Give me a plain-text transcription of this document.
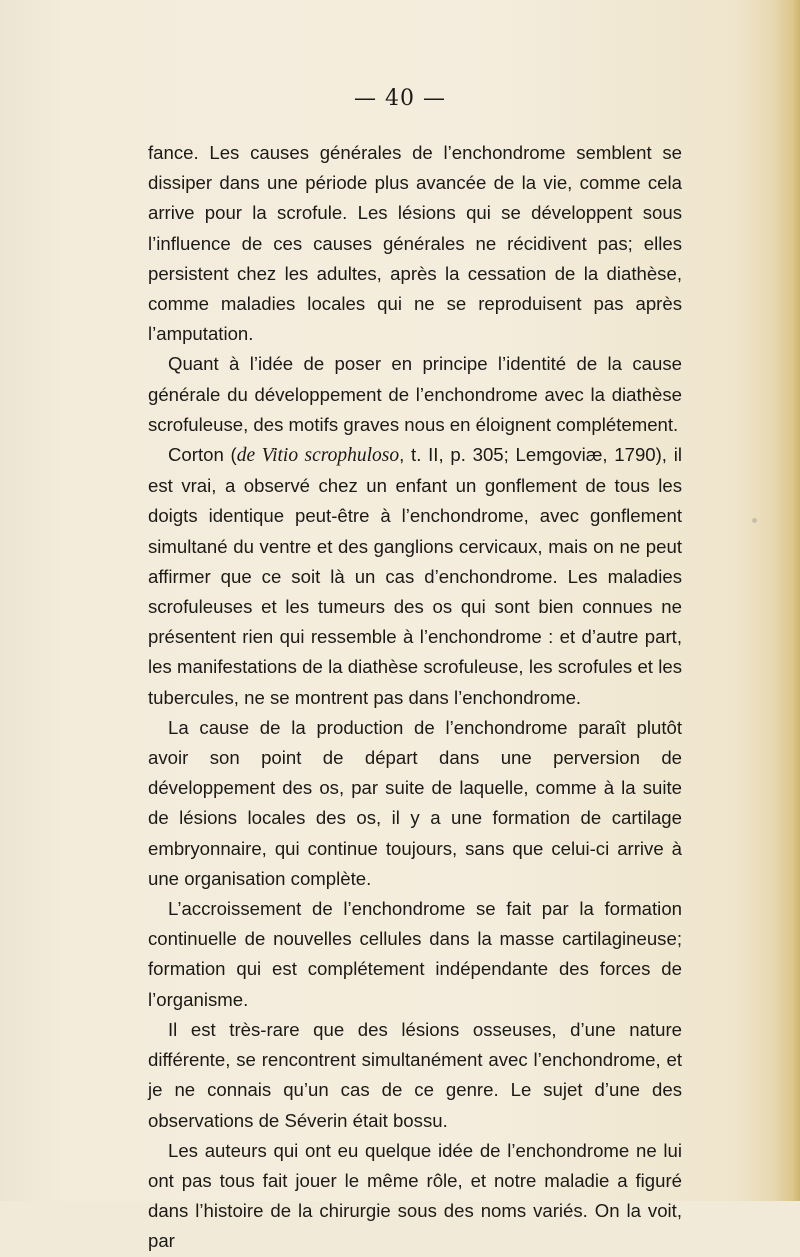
— 40 —

fance. Les causes générales de l’enchondrome semblent se dissiper dans une période plus avancée de la vie, comme cela arrive pour la scrofule. Les lésions qui se développent sous l’influence de ces causes générales ne récidivent pas; elles persistent chez les adultes, après la cessation de la diathèse, comme maladies locales qui ne se reproduisent pas après l’amputation.

Quant à l’idée de poser en principe l’identité de la cause générale du développement de l’enchondrome avec la diathèse scrofuleuse, des motifs graves nous en éloignent complétement.

Corton (de Vitio scrophuloso, t. II, p. 305; Lemgoviæ, 1790), il est vrai, a observé chez un enfant un gonflement de tous les doigts identique peut-être à l’enchondrome, avec gonflement simultané du ventre et des ganglions cervicaux, mais on ne peut affirmer que ce soit là un cas d’enchondrome. Les maladies scrofuleuses et les tumeurs des os qui sont bien connues ne présentent rien qui ressemble à l’enchondrome : et d’autre part, les manifestations de la diathèse scrofuleuse, les scrofules et les tubercules, ne se montrent pas dans l’enchondrome.

La cause de la production de l’enchondrome paraît plutôt avoir son point de départ dans une perversion de développement des os, par suite de laquelle, comme à la suite de lésions locales des os, il y a une formation de cartilage embryonnaire, qui continue toujours, sans que celui-ci arrive à une organisation complète.

L’accroissement de l’enchondrome se fait par la formation continuelle de nouvelles cellules dans la masse cartilagineuse; formation qui est complétement indépendante des forces de l’organisme.

Il est très-rare que des lésions osseuses, d’une nature différente, se rencontrent simultanément avec l’enchondrome, et je ne connais qu’un cas de ce genre. Le sujet d’une des observations de Séverin était bossu.

Les auteurs qui ont eu quelque idée de l’enchondrome ne lui ont pas tous fait jouer le même rôle, et notre maladie a figuré dans l’histoire de la chirurgie sous des noms variés. On la voit, par
